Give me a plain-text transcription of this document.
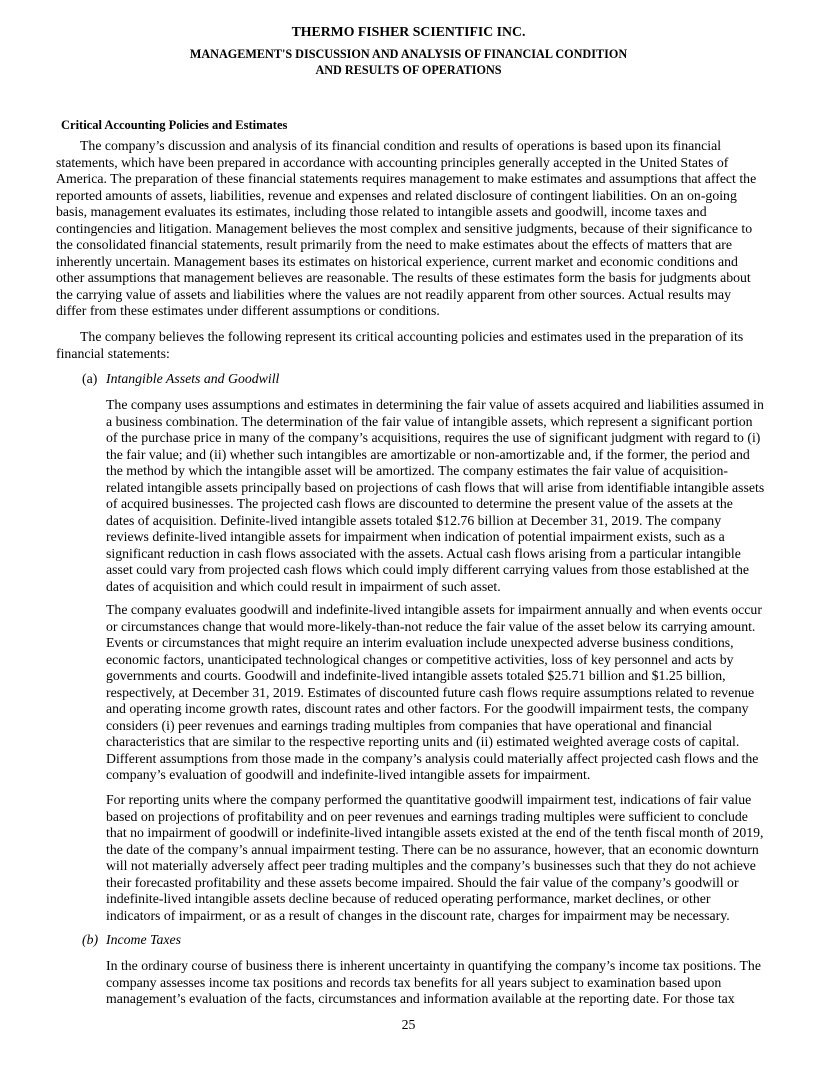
THERMO FISHER SCIENTIFIC INC.
MANAGEMENT'S DISCUSSION AND ANALYSIS OF FINANCIAL CONDITION
AND RESULTS OF OPERATIONS
Critical Accounting Policies and Estimates
The company’s discussion and analysis of its financial condition and results of operations is based upon its financial
statements, which have been prepared in accordance with accounting principles generally accepted in the United States of
America. The preparation of these financial statements requires management to make estimates and assumptions that affect the
reported amounts of assets, liabilities, revenue and expenses and related disclosure of contingent liabilities. On an on-going
basis, management evaluates its estimates, including those related to intangible assets and goodwill, income taxes and
contingencies and litigation. Management believes the most complex and sensitive judgments, because of their significance to
the consolidated financial statements, result primarily from the need to make estimates about the effects of matters that are
inherently uncertain. Management bases its estimates on historical experience, current market and economic conditions and
other assumptions that management believes are reasonable. The results of these estimates form the basis for judgments about
the carrying value of assets and liabilities where the values are not readily apparent from other sources. Actual results may
differ from these estimates under different assumptions or conditions.
The company believes the following represent its critical accounting policies and estimates used in the preparation of its
financial statements:
(a) Intangible Assets and Goodwill
The company uses assumptions and estimates in determining the fair value of assets acquired and liabilities assumed in
a business combination. The determination of the fair value of intangible assets, which represent a significant portion
of the purchase price in many of the company’s acquisitions, requires the use of significant judgment with regard to (i)
the fair value; and (ii) whether such intangibles are amortizable or non-amortizable and, if the former, the period and
the method by which the intangible asset will be amortized. The company estimates the fair value of acquisition-
related intangible assets principally based on projections of cash flows that will arise from identifiable intangible assets
of acquired businesses. The projected cash flows are discounted to determine the present value of the assets at the
dates of acquisition. Definite-lived intangible assets totaled $12.76 billion at December 31, 2019. The company
reviews definite-lived intangible assets for impairment when indication of potential impairment exists, such as a
significant reduction in cash flows associated with the assets. Actual cash flows arising from a particular intangible
asset could vary from projected cash flows which could imply different carrying values from those established at the
dates of acquisition and which could result in impairment of such asset.
The company evaluates goodwill and indefinite-lived intangible assets for impairment annually and when events occur
or circumstances change that would more-likely-than-not reduce the fair value of the asset below its carrying amount.
Events or circumstances that might require an interim evaluation include unexpected adverse business conditions,
economic factors, unanticipated technological changes or competitive activities, loss of key personnel and acts by
governments and courts. Goodwill and indefinite-lived intangible assets totaled $25.71 billion and $1.25 billion,
respectively, at December 31, 2019. Estimates of discounted future cash flows require assumptions related to revenue
and operating income growth rates, discount rates and other factors. For the goodwill impairment tests, the company
considers (i) peer revenues and earnings trading multiples from companies that have operational and financial
characteristics that are similar to the respective reporting units and (ii) estimated weighted average costs of capital.
Different assumptions from those made in the company’s analysis could materially affect projected cash flows and the
company’s evaluation of goodwill and indefinite-lived intangible assets for impairment.
For reporting units where the company performed the quantitative goodwill impairment test, indications of fair value
based on projections of profitability and on peer revenues and earnings trading multiples were sufficient to conclude
that no impairment of goodwill or indefinite-lived intangible assets existed at the end of the tenth fiscal month of 2019,
the date of the company’s annual impairment testing. There can be no assurance, however, that an economic downturn
will not materially adversely affect peer trading multiples and the company’s businesses such that they do not achieve
their forecasted profitability and these assets become impaired. Should the fair value of the company’s goodwill or
indefinite-lived intangible assets decline because of reduced operating performance, market declines, or other
indicators of impairment, or as a result of changes in the discount rate, charges for impairment may be necessary.
(b) Income Taxes
In the ordinary course of business there is inherent uncertainty in quantifying the company’s income tax positions. The
company assesses income tax positions and records tax benefits for all years subject to examination based upon
management’s evaluation of the facts, circumstances and information available at the reporting date. For those tax
25
